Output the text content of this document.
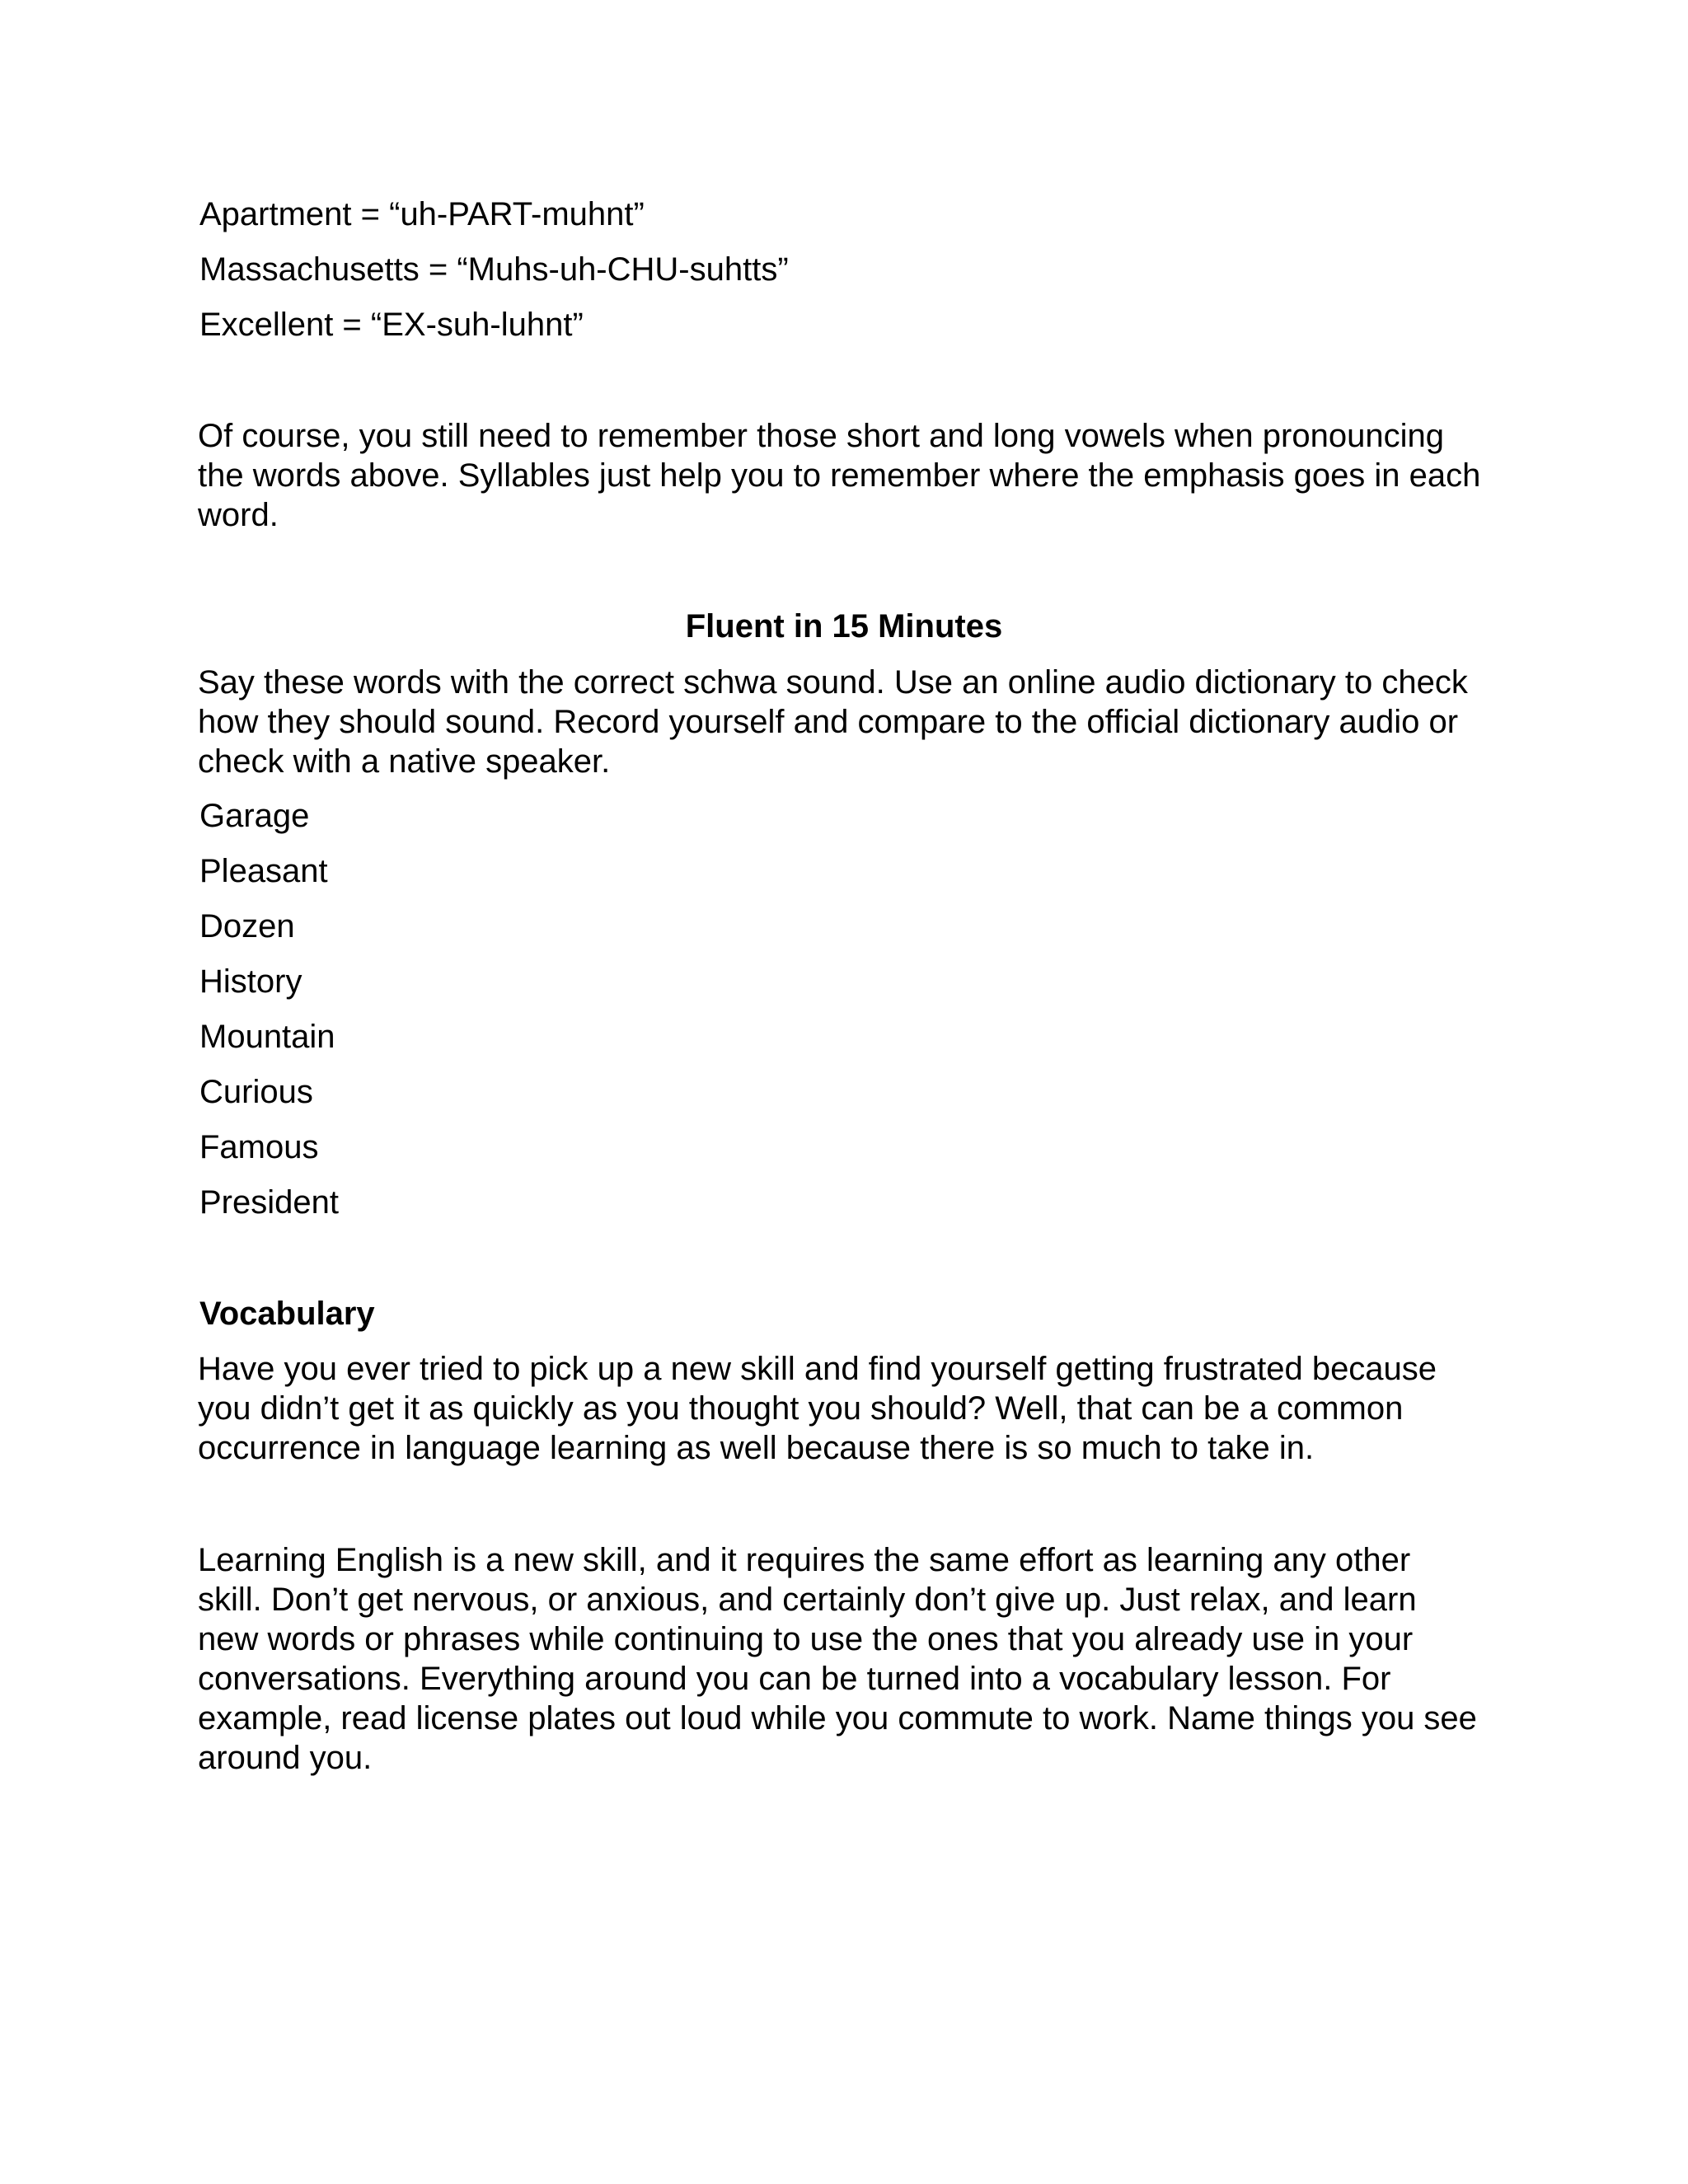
Apartment = “uh-PART-muhnt”
Massachusetts = “Muhs-uh-CHU-suhtts”
Excellent = “EX-suh-luhnt”
Of course, you still need to remember those short and long vowels when pronouncing
the words above. Syllables just help you to remember where the emphasis goes in each
word.
Fluent in 15 Minutes
Say these words with the correct schwa sound. Use an online audio dictionary to check
how they should sound. Record yourself and compare to the official dictionary audio or
check with a native speaker.
Garage
Pleasant
Dozen
History
Mountain
Curious
Famous
President
Vocabulary
Have you ever tried to pick up a new skill and find yourself getting frustrated because
you didn’t get it as quickly as you thought you should? Well, that can be a common
occurrence in language learning as well because there is so much to take in.
Learning English is a new skill, and it requires the same effort as learning any other
skill. Don’t get nervous, or anxious, and certainly don’t give up. Just relax, and learn
new words or phrases while continuing to use the ones that you already use in your
conversations. Everything around you can be turned into a vocabulary lesson. For
example, read license plates out loud while you commute to work. Name things you see
around you.
